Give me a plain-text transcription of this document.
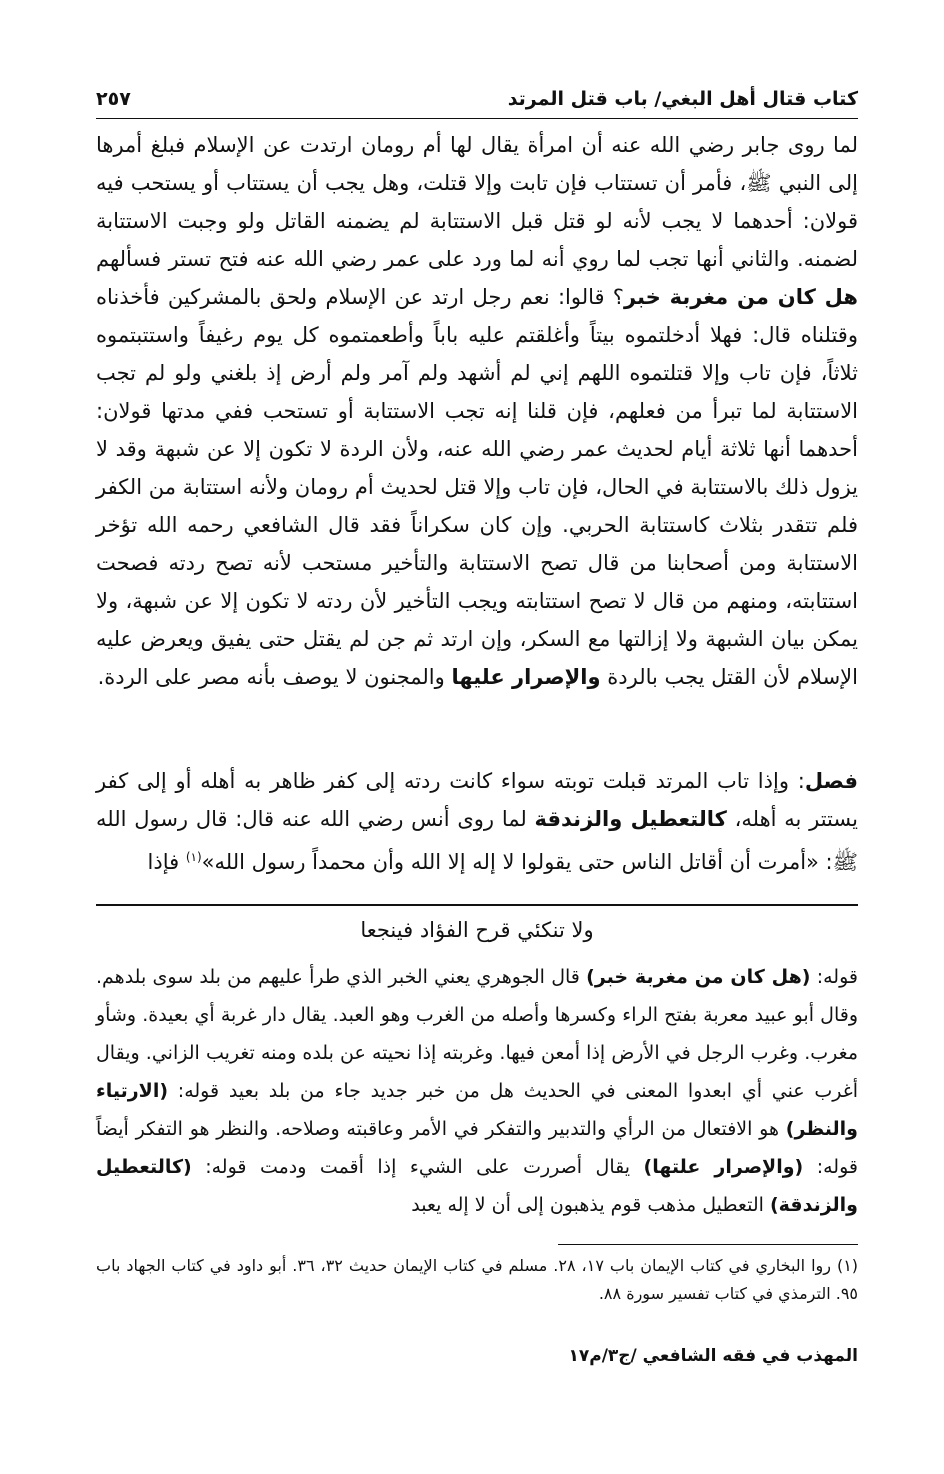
كتاب قتال أهل البغي/ باب قتل المرتد
٢٥٧

لما روى جابر رضي الله عنه أن امرأة يقال لها أم رومان ارتدت عن الإسلام فبلغ أمرها إلى النبي ﷺ، فأمر أن تستتاب فإن تابت وإلا قتلت، وهل يجب أن يستتاب أو يستحب فيه قولان: أحدهما لا يجب لأنه لو قتل قبل الاستتابة لم يضمنه القاتل ولو وجبت الاستتابة لضمنه. والثاني أنها تجب لما روي أنه لما ورد على عمر رضي الله عنه فتح تستر فسألهم هل كان من مغربة خبر؟ قالوا: نعم رجل ارتد عن الإسلام ولحق بالمشركين فأخذناه وقتلناه قال: فهلا أدخلتموه بيتاً وأغلقتم عليه باباً وأطعمتموه كل يوم رغيفاً واستتبتموه ثلاثاً، فإن تاب وإلا قتلتموه اللهم إني لم أشهد ولم آمر ولم أرض إذ بلغني ولو لم تجب الاستتابة لما تبرأ من فعلهم، فإن قلنا إنه تجب الاستتابة أو تستحب ففي مدتها قولان: أحدهما أنها ثلاثة أيام لحديث عمر رضي الله عنه، ولأن الردة لا تكون إلا عن شبهة وقد لا يزول ذلك بالاستتابة في الحال، فإن تاب وإلا قتل لحديث أم رومان ولأنه استتابة من الكفر فلم تتقدر بثلاث كاستتابة الحربي. وإن كان سكراناً فقد قال الشافعي رحمه الله تؤخر الاستتابة ومن أصحابنا من قال تصح الاستتابة والتأخير مستحب لأنه تصح ردته فصحت استتابته، ومنهم من قال لا تصح استتابته ويجب التأخير لأن ردته لا تكون إلا عن شبهة، ولا يمكن بيان الشبهة ولا إزالتها مع السكر، وإن ارتد ثم جن لم يقتل حتى يفيق ويعرض عليه الإسلام لأن القتل يجب بالردة والإصرار عليها والمجنون لا يوصف بأنه مصر على الردة.

فصل: وإذا تاب المرتد قبلت توبته سواء كانت ردته إلى كفر ظاهر به أهله أو إلى كفر يستتر به أهله، كالتعطيل والزندقة لما روى أنس رضي الله عنه قال: قال رسول الله ﷺ: «أمرت أن أقاتل الناس حتى يقولوا لا إله إلا الله وأن محمداً رسول الله»$^{(١)}$ فإذا

ولا تنكئي قرح الفؤاد فينجعا

قوله: (هل كان من مغربة خبر) قال الجوهري يعني الخبر الذي طرأ عليهم من بلد سوى بلدهم. وقال أبو عبيد معربة بفتح الراء وكسرها وأصله من الغرب وهو العبد. يقال دار غربة أي بعيدة. وشأو مغرب. وغرب الرجل في الأرض إذا أمعن فيها. وغربته إذا نحيته عن بلده ومنه تغريب الزاني. ويقال أغرب عني أي ابعدوا المعنى في الحديث هل من خبر جديد جاء من بلد بعيد قوله: (الارتياء والنظر) هو الافتعال من الرأي والتدبير والتفكر في الأمر وعاقبته وصلاحه. والنظر هو التفكر أيضاً قوله: (والإصرار علتها) يقال أصررت على الشيء إذا أقمت ودمت قوله: (كالتعطيل والزندقة) التعطيل مذهب قوم يذهبون إلى أن لا إله يعبد

(١) روا البخاري في كتاب الإيمان باب ١٧، ٢٨. مسلم في كتاب الإيمان حديث ٣٢، ٣٦. أبو داود في كتاب الجهاد باب ٩٥. الترمذي في كتاب تفسير سورة ٨٨.

المهذب في فقه الشافعي /ج٣/م١٧
